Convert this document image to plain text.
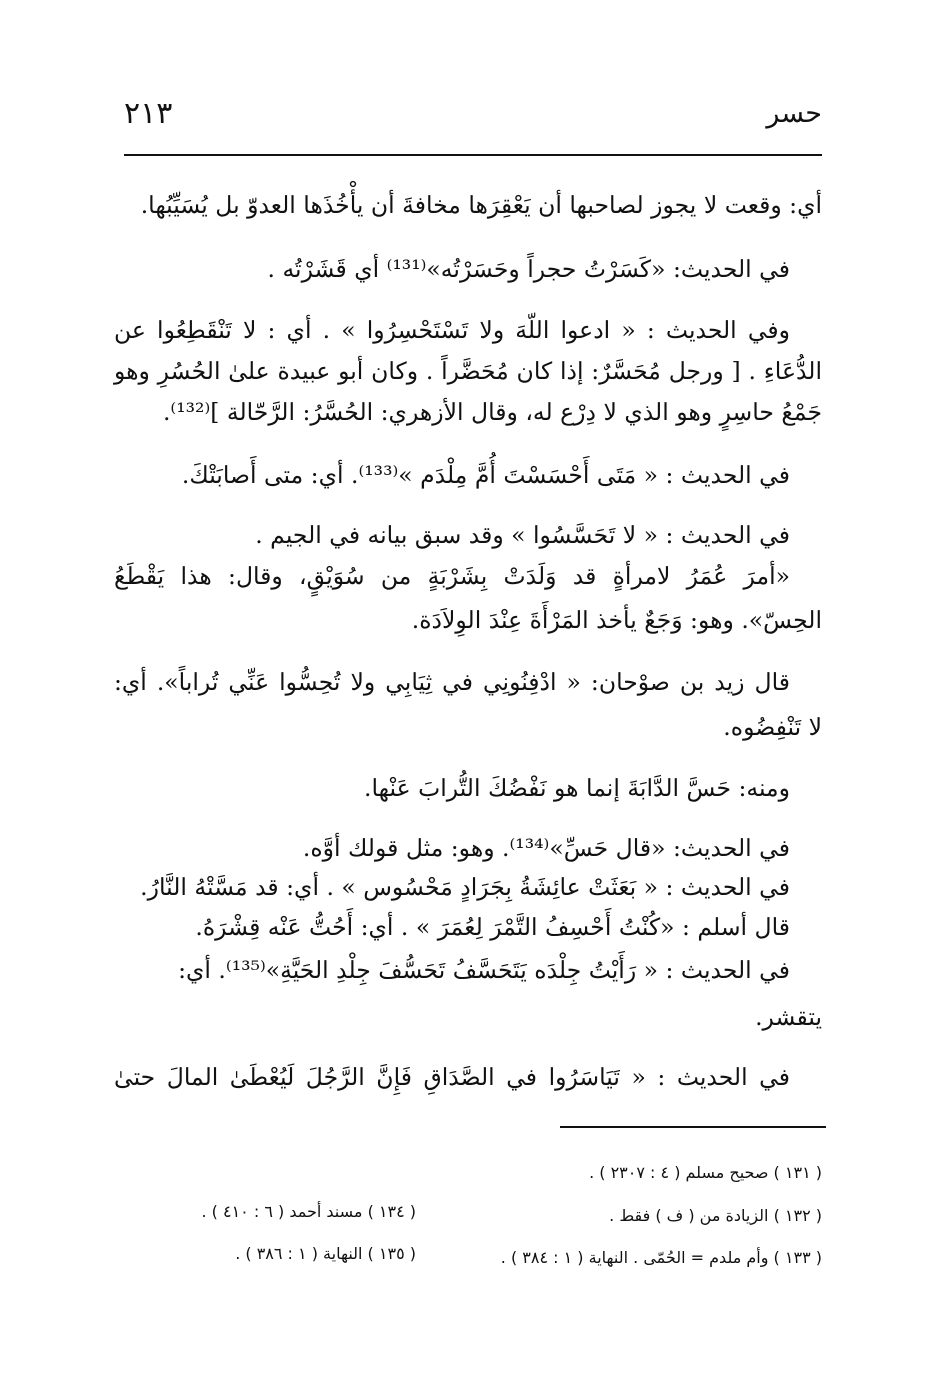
حسر
٢١٣
أي: وقعت لا يجوز لصاحبها أن يَعْقِرَها مخافةَ أن يأْخُذَها العدوّ بل يُسَيِّبُها.
في الحديث: «كَسَرْتُ حجراً وحَسَرْتُه»⁽¹³¹⁾ أي قَشَرْتُه .
وفي الحديث : « ادعوا اللّهَ ولا تَسْتَحْسِرُوا » . أي : لا تَنْقَطِعُوا عن
الدُّعَاءِ . [ ورجل مُحَسَّرٌ: إذا كان مُحَضَّراً . وكان أبو عبيدة علىٰ الحُسُرِ وهو
جَمْعُ حاسِرٍ وهو الذي لا دِرْع له، وقال الأزهري: الحُسَّرُ: الرَّحّالة ]⁽¹³²⁾.
في الحديث : « مَتَى أَحْسَسْتَ أُمَّ مِلْدَم »⁽¹³³⁾. أي: متى أَصابَتْكَ.
في الحديث : « لا تَحَسَّسُوا » وقد سبق بيانه في الجيم .
«أمرَ عُمَرُ لامرأةٍ قد وَلَدَتْ بِشَرْبَةٍ من سُوَيْقٍ، وقال: هذا يَقْطَعُ
الحِسّ». وهو: وَجَعٌ يأخذ المَرْأَةَ عِنْدَ الوِلاَدَة.
قال زيد بن صوْحان: « ادْفِنُونِي في ثِيَابِي ولا تُحِسُّوا عَنِّي تُراباً». أي:
لا تَنْفِضُوه.
ومنه: حَسَّ الدَّابَةَ إنما هو نَفْضُكَ التُّرابَ عَنْها.
في الحديث: «قال حَسِّ»⁽¹³⁴⁾. وهو: مثل قولك أوَّه.
في الحديث : « بَعَثَتْ عائِشَةُ بِجَرَادٍ مَحْسُوس » . أي: قد مَسَّتْهُ النَّارُ.
قال أسلم : «كُنْتُ أَحْسِفُ التَّمْرَ لِعُمَرَ » . أي: أَحُتُّ عَنْه قِشْرَهُ.
في الحديث : « رَأَيْتُ جِلْدَه يَتَحَسَّفُ تَحَسُّفَ جِلْدِ الحَيَّةِ»⁽¹³⁵⁾. أي:
يتقشر.
في الحديث : « تَيَاسَرُوا في الصَّدَاقِ فَإِنَّ الرَّجُلَ لَيُعْطَىٰ المالَ حتىٰ
( ١٣١ ) صحيح مسلم ( ٤ : ٢٣٠٧ ) .
( ١٣٢ ) الزيادة من ( ف ) فقط .
( ١٣٤ ) مسند أحمد ( ٦ : ٤١٠ ) .
( ١٣٣ ) وأم ملدم = الحُمّى . النهاية ( ١ : ٣٨٤ ) .
( ١٣٥ ) النهاية ( ١ : ٣٨٦ ) .
